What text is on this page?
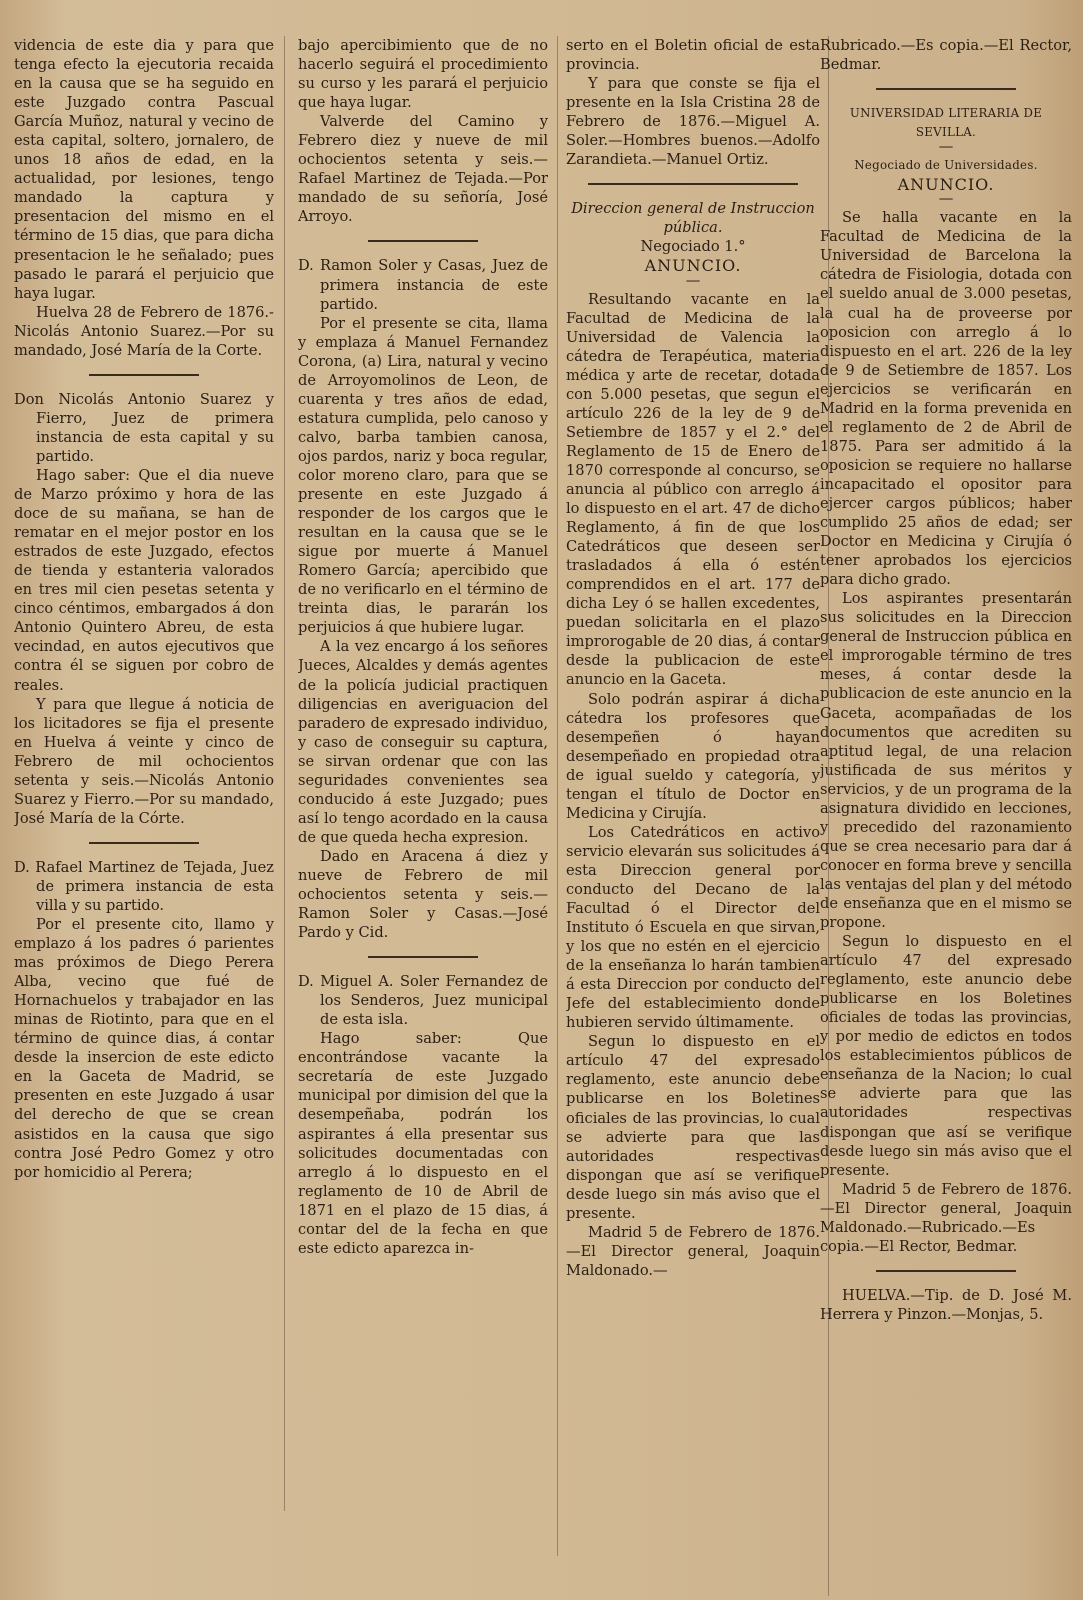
videncia de este dia y para que tenga efecto la ejecutoria recaida en la causa que se ha seguido en este Juzgado contra Pascual García Muñoz, natural y vecino de esta capital, soltero, jornalero, de unos 18 años de edad, en la actualidad, por lesiones, tengo mandado la captura y presentacion del mismo en el término de 15 dias, que para dicha presentacion le he señalado; pues pasado le parará el perjuicio que haya lugar.

Huelva 28 de Febrero de 1876.-Nicolás Antonio Suarez.—Por su mandado, José María de la Corte.

Don Nicolás Antonio Suarez y Fierro, Juez de primera instancia de esta capital y su partido.

Hago saber: Que el dia nueve de Marzo próximo y hora de las doce de su mañana, se han de rematar en el mejor postor en los estrados de este Juzgado, efectos de tienda y estanteria valorados en tres mil cien pesetas setenta y cinco céntimos, embargados á don Antonio Quintero Abreu, de esta vecindad, en autos ejecutivos que contra él se siguen por cobro de reales.

Y para que llegue á noticia de los licitadores se fija el presente en Huelva á veinte y cinco de Febrero de mil ochocientos setenta y seis.—Nicolás Antonio Suarez y Fierro.—Por su mandado, José María de la Córte.

D. Rafael Martinez de Tejada, Juez de primera instancia de esta villa y su partido.

Por el presente cito, llamo y emplazo á los padres ó parientes mas próximos de Diego Perera Alba, vecino que fué de Hornachuelos y trabajador en las minas de Riotinto, para que en el término de quince dias, á contar desde la insercion de este edicto en la Gaceta de Madrid, se presenten en este Juzgado á usar del derecho de que se crean asistidos en la causa que sigo contra José Pedro Gomez y otro por homicidio al Perera;

bajo apercibimiento que de no hacerlo seguirá el procedimiento su curso y les parará el perjuicio que haya lugar.

Valverde del Camino y Febrero diez y nueve de mil ochocientos setenta y seis.—Rafael Martinez de Tejada.—Por mandado de su señoría, José Arroyo.

D. Ramon Soler y Casas, Juez de primera instancia de este partido.

Por el presente se cita, llama y emplaza á Manuel Fernandez Corona, (a) Lira, natural y vecino de Arroyomolinos de Leon, de cuarenta y tres años de edad, estatura cumplida, pelo canoso y calvo, barba tambien canosa, ojos pardos, nariz y boca regular, color moreno claro, para que se presente en este Juzgado á responder de los cargos que le resultan en la causa que se le sigue por muerte á Manuel Romero García; apercibido que de no verificarlo en el término de treinta dias, le pararán los perjuicios á que hubiere lugar.

A la vez encargo á los señores Jueces, Alcaldes y demás agentes de la policía judicial practiquen diligencias en averiguacion del paradero de expresado individuo, y caso de conseguir su captura, se sirvan ordenar que con las seguridades convenientes sea conducido á este Juzgado; pues así lo tengo acordado en la causa de que queda hecha expresion.

Dado en Aracena á diez y nueve de Febrero de mil ochocientos setenta y seis.—Ramon Soler y Casas.—José Pardo y Cid.

D. Miguel A. Soler Fernandez de los Senderos, Juez municipal de esta isla.

Hago saber: Que encontrándose vacante la secretaría de este Juzgado municipal por dimision del que la desempeñaba, podrán los aspirantes á ella presentar sus solicitudes documentadas con arreglo á lo dispuesto en el reglamento de 10 de Abril de 1871 en el plazo de 15 dias, á contar del de la fecha en que este edicto aparezca in-

serto en el Boletin oficial de esta provincia.

Y para que conste se fija el presente en la Isla Cristina 28 de Febrero de 1876.—Miguel A. Soler.—Hombres buenos.—Adolfo Zarandieta.—Manuel Ortiz.

Direccion general de Instruccion pública.

Negociado 1.°

ANUNCIO.

—

Resultando vacante en la Facultad de Medicina de la Universidad de Valencia la cátedra de Terapéutica, materia médica y arte de recetar, dotada con 5.000 pesetas, que segun el artículo 226 de la ley de 9 de Setiembre de 1857 y el 2.° del Reglamento de 15 de Enero de 1870 corresponde al concurso, se anuncia al público con arreglo á lo dispuesto en el art. 47 de dicho Reglamento, á fin de que los Catedráticos que deseen ser trasladados á ella ó estén comprendidos en el art. 177 de dicha Ley ó se hallen excedentes, puedan solicitarla en el plazo improrogable de 20 dias, á contar desde la publicacion de este anuncio en la Gaceta.

Solo podrán aspirar á dicha cátedra los profesores que desempeñen ó hayan desempeñado en propiedad otra de igual sueldo y categoría, y tengan el título de Doctor en Medicina y Cirujía.

Los Catedráticos en activo servicio elevarán sus solicitudes á esta Direccion general por conducto del Decano de la Facultad ó el Director del Instituto ó Escuela en que sirvan, y los que no estén en el ejercicio de la enseñanza lo harán tambien á esta Direccion por conducto del Jefe del establecimiento donde hubieren servido últimamente.

Segun lo dispuesto en el artículo 47 del expresado reglamento, este anuncio debe publicarse en los Boletines oficiales de las provincias, lo cual se advierte para que las autoridades respectivas dispongan que así se verifique desde luego sin más aviso que el presente.

Madrid 5 de Febrero de 1876.—El Director general, Joaquin Maldonado.—

Rubricado.—Es copia.—El Rector, Bedmar.

UNIVERSIDAD LITERARIA DE SEVILLA.

—

Negociado de Universidades.

ANUNCIO.

—

Se halla vacante en la Facultad de Medicina de la Universidad de Barcelona la cátedra de Fisiologia, dotada con el sueldo anual de 3.000 pesetas, la cual ha de proveerse por oposicion con arreglo á lo dispuesto en el art. 226 de la ley de 9 de Setiembre de 1857. Los ejercicios se verificarán en Madrid en la forma prevenida en el reglamento de 2 de Abril de 1875. Para ser admitido á la oposicion se requiere no hallarse incapacitado el opositor para ejercer cargos públicos; haber cumplido 25 años de edad; ser Doctor en Medicina y Cirujía ó tener aprobados los ejercicios para dicho grado.

Los aspirantes presentarán sus solicitudes en la Direccion general de Instruccion pública en el improrogable término de tres meses, á contar desde la publicacion de este anuncio en la Gaceta, acompañadas de los documentos que acrediten su aptitud legal, de una relacion justificada de sus méritos y servicios, y de un programa de la asignatura dividido en lecciones, y precedido del razonamiento que se crea necesario para dar á conocer en forma breve y sencilla las ventajas del plan y del método de enseñanza que en el mismo se propone.

Segun lo dispuesto en el artículo 47 del expresado reglamento, este anuncio debe publicarse en los Boletines oficiales de todas las provincias, y por medio de edictos en todos los establecimientos públicos de enseñanza de la Nacion; lo cual se advierte para que las autoridades respectivas dispongan que así se verifique desde luego sin más aviso que el presente.

Madrid 5 de Febrero de 1876.—El Director general, Joaquin Maldonado.—Rubricado.—Es copia.—El Rector, Bedmar.

HUELVA.—Tip. de D. José M. Herrera y Pinzon.—Monjas, 5.
